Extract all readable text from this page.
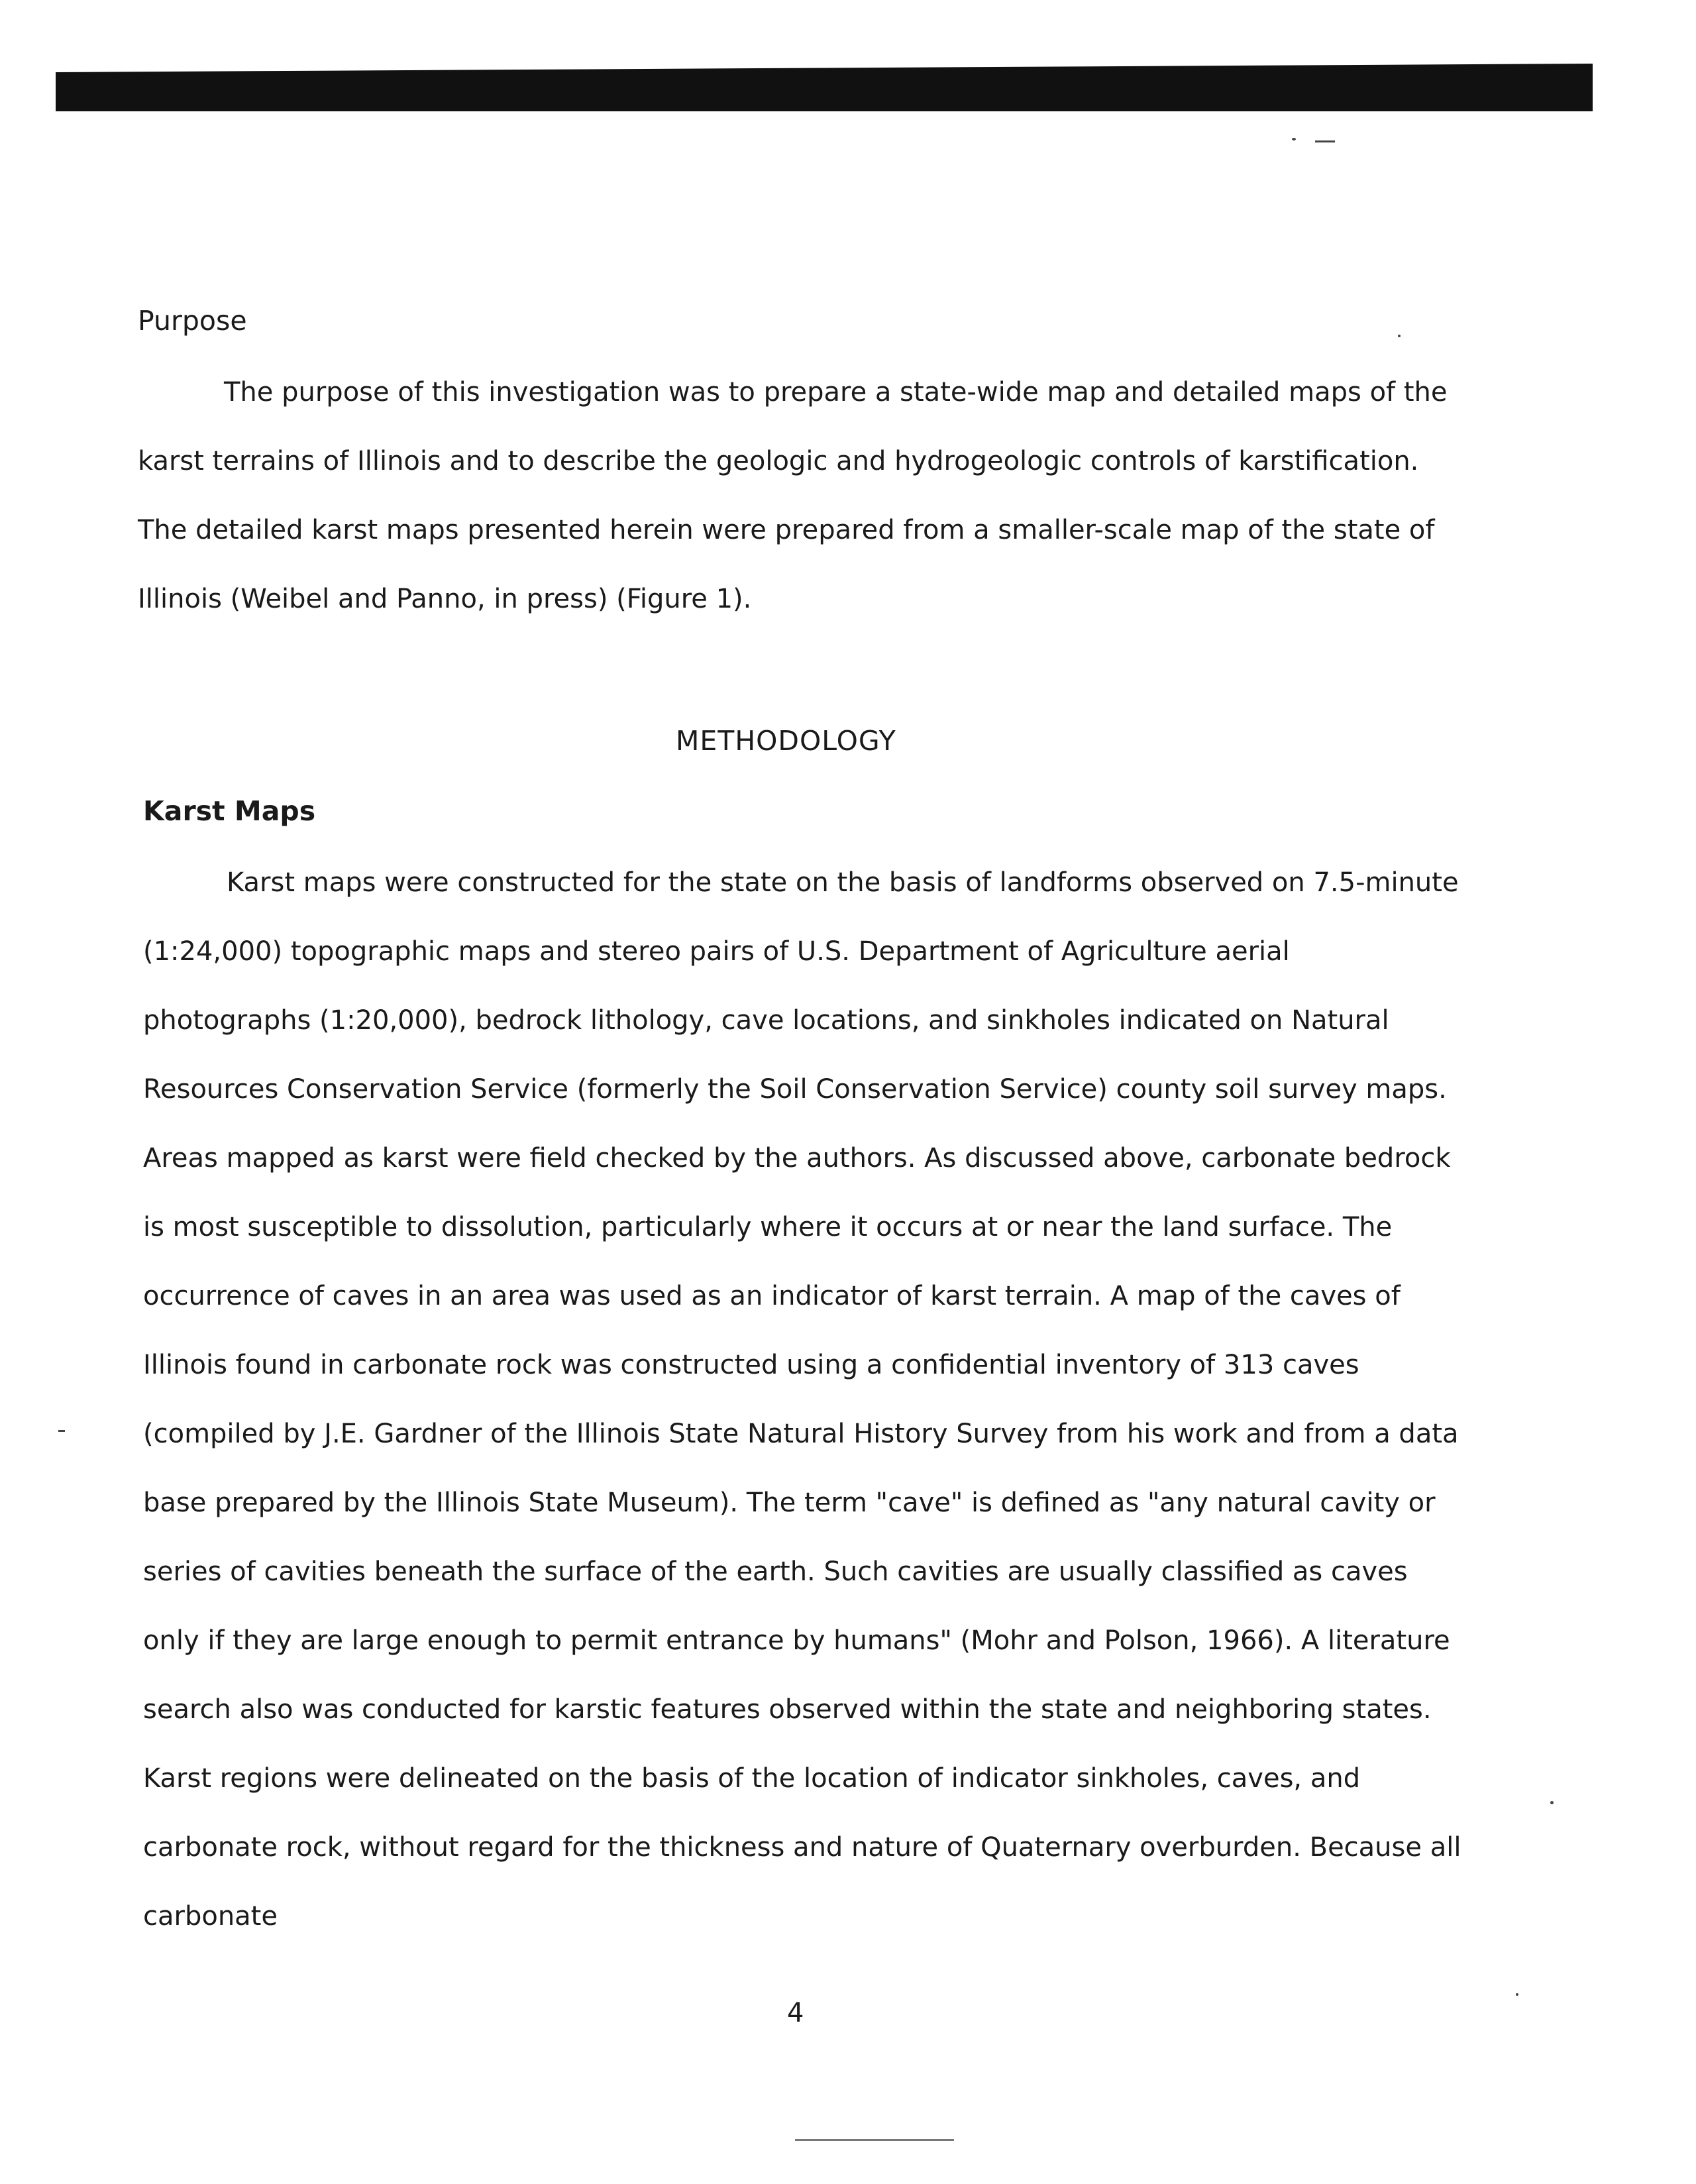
Purpose

The purpose of this investigation was to prepare a state-wide map and detailed maps of the karst terrains of Illinois and to describe the geologic and hydrogeologic controls of karstification. The detailed karst maps presented herein were prepared from a smaller-scale map of the state of Illinois (Weibel and Panno, in press) (Figure 1).

METHODOLOGY
Karst Maps

Karst maps were constructed for the state on the basis of landforms observed on 7.5-minute (1:24,000) topographic maps and stereo pairs of U.S. Department of Agriculture aerial photographs (1:20,000), bedrock lithology, cave locations, and sinkholes indicated on Natural Resources Conservation Service (formerly the Soil Conservation Service) county soil survey maps. Areas mapped as karst were field checked by the authors. As discussed above, carbonate bedrock is most susceptible to dissolution, particularly where it occurs at or near the land surface. The occurrence of caves in an area was used as an indicator of karst terrain. A map of the caves of Illinois found in carbonate rock was constructed using a confidential inventory of 313 caves (compiled by J.E. Gardner of the Illinois State Natural History Survey from his work and from a data base prepared by the Illinois State Museum). The term "cave" is defined as "any natural cavity or series of cavities beneath the surface of the earth. Such cavities are usually classified as caves only if they are large enough to permit entrance by humans" (Mohr and Polson, 1966). A literature search also was conducted for karstic features observed within the state and neighboring states. Karst regions were delineated on the basis of the location of indicator sinkholes, caves, and carbonate rock, without regard for the thickness and nature of Quaternary overburden. Because all carbonate

4
